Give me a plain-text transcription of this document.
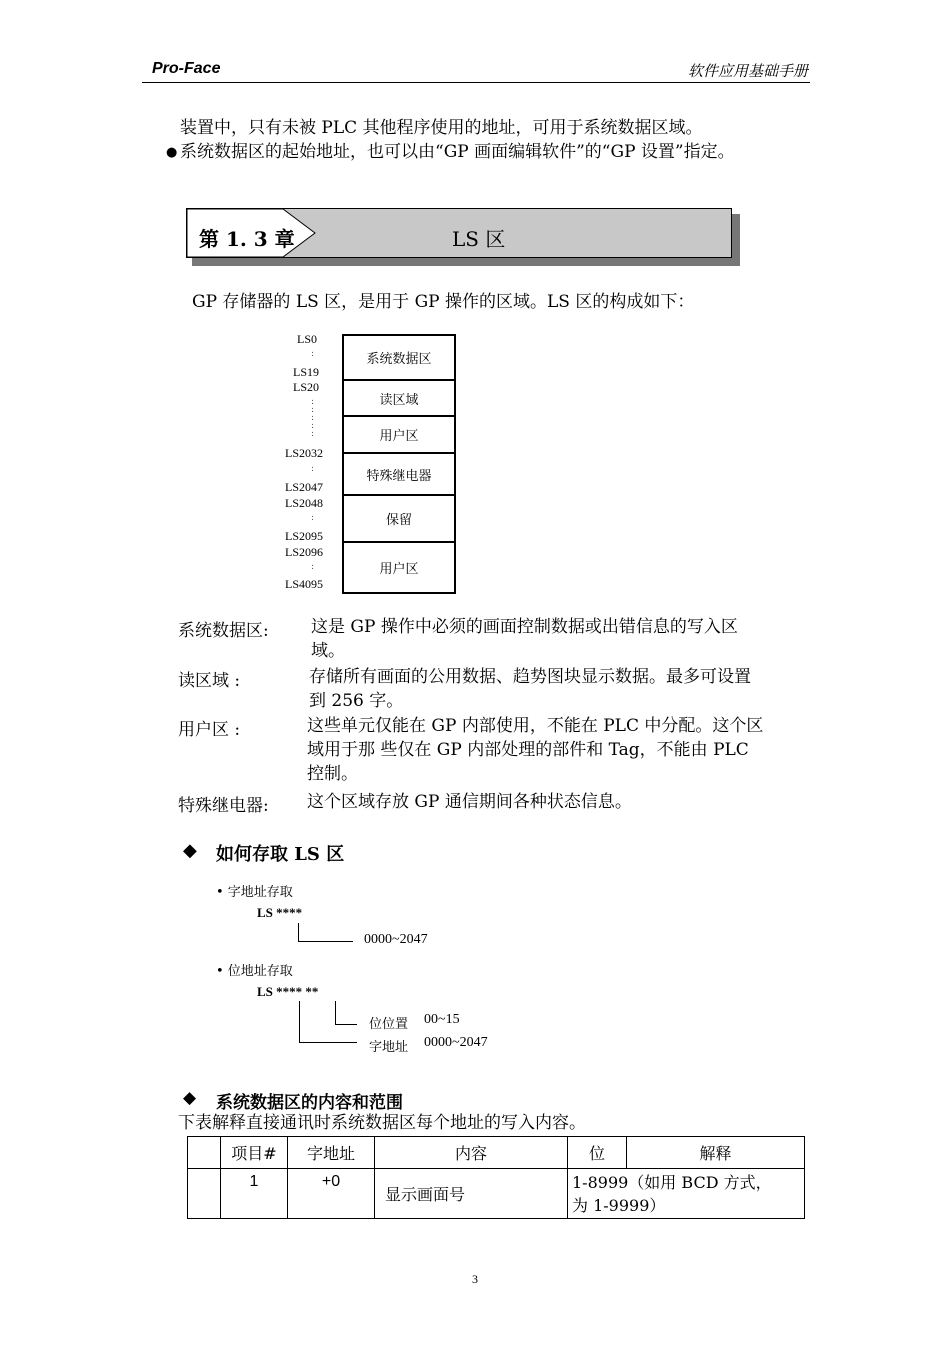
Pro-Face	软件应用基础手册
装置中，只有未被 PLC 其他程序使用的地址，可用于系统数据区域。
● 系统数据区的起始地址，也可以由“GP 画面编辑软件”的“GP 设置”指定。
第 1. 3 章	LS 区
GP 存储器的 LS 区，是用于 GP 操作的区域。LS 区的构成如下：
LS0
:
LS19
LS20
:
:
:
:
:
LS2032
:
LS2047
LS2048
:
LS2095
LS2096
:
LS4095
系统数据区
读区域
用户区
特殊继电器
保留
用户区
系统数据区: 这是 GP 操作中必须的画面控制数据或出错信息的写入区
域。
读区域 :	存储所有画面的公用数据、趋势图块显示数据。最多可设置
到 256 字。
用户区 :	这些单元仅能在 GP 内部使用，不能在 PLC 中分配。这个区
域用于那 些仅在 GP 内部处理的部件和 Tag，不能由 PLC
控制。
特殊继电器: 这个区域存放 GP 通信期间各种状态信息。
◆ 如何存取 LS 区
• 字地址存取
LS ****
0000~2047
• 位地址存取
LS **** **
位位置 00~15
字地址 0000~2047
◆ 系统数据区的内容和范围
下表解释直接通讯时系统数据区每个地址的写入内容。
	项目#	字地址	内容	位	解释
	1	+0	显示画面号	1-8999（如用 BCD 方式，
为 1-9999）	
3
